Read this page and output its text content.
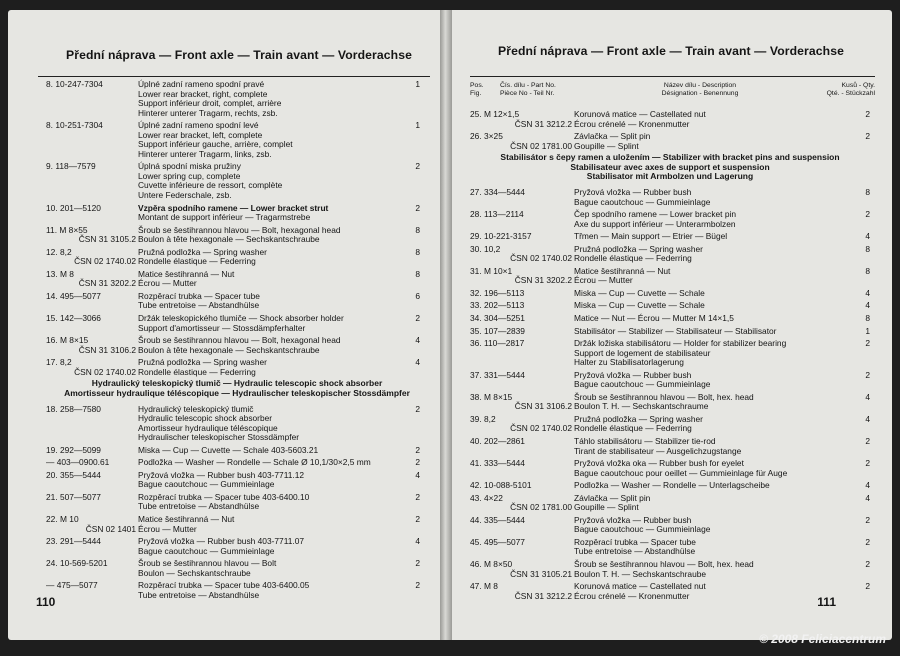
Přední náprava — Front axle — Train avant — Vorderachse
8. 10-247-7304	Úplné zadní rameno spodní pravé	1
Lower rear bracket, right, complete
Support inférieur droit, complet, arrière
Hinterer unterer Tragarm, rechts, zsb.
8. 10-251-7304	Úplné zadní rameno spodní levé	1
Lower rear bracket, left, complete
Support inférieur gauche, arrière, complet
Hinterer unterer Tragarm, links, zsb.
9. 118—7579	Úplná spodní miska pružiny	2
Lower spring cup, complete
Cuvette inférieure de ressort, complète
Untere Federschale, zsb.
10. 201—5120	Vzpěra spodního ramene — Lower bracket strut	2
Montant de support inférieur — Tragarmstrebe
11. M 8×55	Šroub se šestihrannou hlavou — Bolt, hexagonal head	8
ČSN 31 3105.2 Boulon à tête hexagonale — Sechskantschraube
12. 8,2	Pružná podložka — Spring washer	8
ČSN 02 1740.02 Rondelle élastique — Federring
13. M 8	Matice šestihranná — Nut	8
ČSN 31 3202.2 Écrou — Mutter
14. 495—5077	Rozpěrací trubka — Spacer tube	6
Tube entretoise — Abstandhülse
15. 142—3066	Držák teleskopického tlumiče — Shock absorber holder	2
Support d'amortisseur — Stossdämpferhalter
16. M 8×15	Šroub se šestihrannou hlavou — Bolt, hexagonal head	4
ČSN 31 3106.2 Boulon à tête hexagonale — Sechskantschraube
17. 8,2	Pružná podložka — Spring washer	4
ČSN 02 1740.02 Rondelle élastique — Federring
Hydraulický teleskopický tlumič — Hydraulic telescopic shock absorber
Amortisseur hydraulique téléscopique — Hydraulischer teleskopischer Stossdämpfer
18. 258—7580	Hydraulický teleskopický tlumič	2
Hydraulic telescopic shock absorber
Amortisseur hydraulique téléscopique
Hydraulischer teleskopischer Stossdämpfer
19. 292—5099	Miska — Cup — Cuvette — Schale 403-5603.21	2
— 403—0900.61	Podložka — Washer — Rondelle — Schale Ø 10,1/30×2,5 mm	2
20. 355—5444	Pryžová vložka — Rubber bush 403-7711.12	4
Bague caoutchouc — Gummieinlage
21. 507—5077	Rozpěrací trubka — Spacer tube 403-6400.10	2
Tube entretoise — Abstandhülse
22. M 10	Matice šestihranná — Nut	2
ČSN 02 1401 Écrou — Mutter
23. 291—5444	Pryžová vložka — Rubber bush 403-7711.07	4
Bague caoutchouc — Gummieinlage
24. 10-569-5201	Šroub se šestihrannou hlavou — Bolt	2
Boulon — Sechskantschraube
— 475—5077	Rozpěrací trubka — Spacer tube 403-6400.05	2
Tube entretoise — Abstandhülse
110
Přední náprava — Front axle — Train avant — Vorderachse
Pos.
Fig.
Čís. dílu - Part No.
Pièce No - Teil Nr.
Název dílu - Description
Désignation - Benennung
Kusů - Qty.
Qté. - Stückzahl
25. M 12×1,5	Korunová matice — Castellated nut	2
ČSN 31 3212.2 Écrou crénelé — Kronenmutter
26. 3×25	Závlačka — Split pin	2
ČSN 02 1781.00 Goupille — Splint
Stabilisátor s čepy ramen a uložením — Stabilizer with bracket pins and suspension
Stabilisateur avec axes de support et suspension
Stabilisator mit Armbolzen und Lagerung
27. 334—5444	Pryžová vložka — Rubber bush	8
Bague caoutchouc — Gummieinlage
28. 113—2114	Čep spodního ramene — Lower bracket pin	2
Axe du support inférieur — Unterarmbolzen
29. 10-221-3157	Třmen — Main support — Etrier — Bügel	4
30. 10,2	Pružná podložka — Spring washer	8
ČSN 02 1740.02 Rondelle élastique — Federring
31. M 10×1	Matice šestihranná — Nut	8
ČSN 31 3202.2 Écrou — Mutter
32. 196—5113	Miska — Cup — Cuvette — Schale	4
33. 202—5113	Miska — Cup — Cuvette — Schale	4
34. 304—5251	Matice — Nut — Écrou — Mutter M 14×1,5	8
35. 107—2839	Stabilisátor — Stabilizer — Stabilisateur — Stabilisator	1
36. 110—2817	Držák ložiska stabilisátoru — Holder for stabilizer bearing	2
Support de logement de stabilisateur
Halter zu Stabilisatorlagerung
37. 331—5444	Pryžová vložka — Rubber bush	2
Bague caoutchouc — Gummieinlage
38. M 8×15	Šroub se šestihrannou hlavou — Bolt, hex. head	4
ČSN 31 3106.2 Boulon T. H. — Sechskantschraume
39. 8,2	Pružná podložka — Spring washer	4
ČSN 02 1740.02 Rondelle élastique — Federring
40. 202—2861	Táhlo stabilisátoru — Stabilizer tie-rod	2
Tirant de stabilisateur — Ausgelichzugstange
41. 333—5444	Pryžová vložka oka — Rubber bush for eyelet	2
Bague caoutchouc pour oeillet — Gummieinlage für Auge
42. 10-088-5101	Podložka — Washer — Rondelle — Unterlagscheibe	4
43. 4×22	Závlačka — Split pin	4
ČSN 02 1781.00 Goupille — Splint
44. 335—5444	Pryžová vložka — Rubber bush	2
Bague caoutchouc — Gummieinlage
45. 495—5077	Rozpěrací trubka — Spacer tube	2
Tube entretoise — Abstandhülse
46. M 8×50	Šroub se šestihrannou hlavou — Bolt, hex. head	2
ČSN 31 3105.21 Boulon T. H. — Sechskantschraube
47. M 8	Korunová matice — Castellated nut	2
ČSN 31 3212.2 Écrou crénelé — Kronenmutter	111
© 2008 Feliciacentrum
